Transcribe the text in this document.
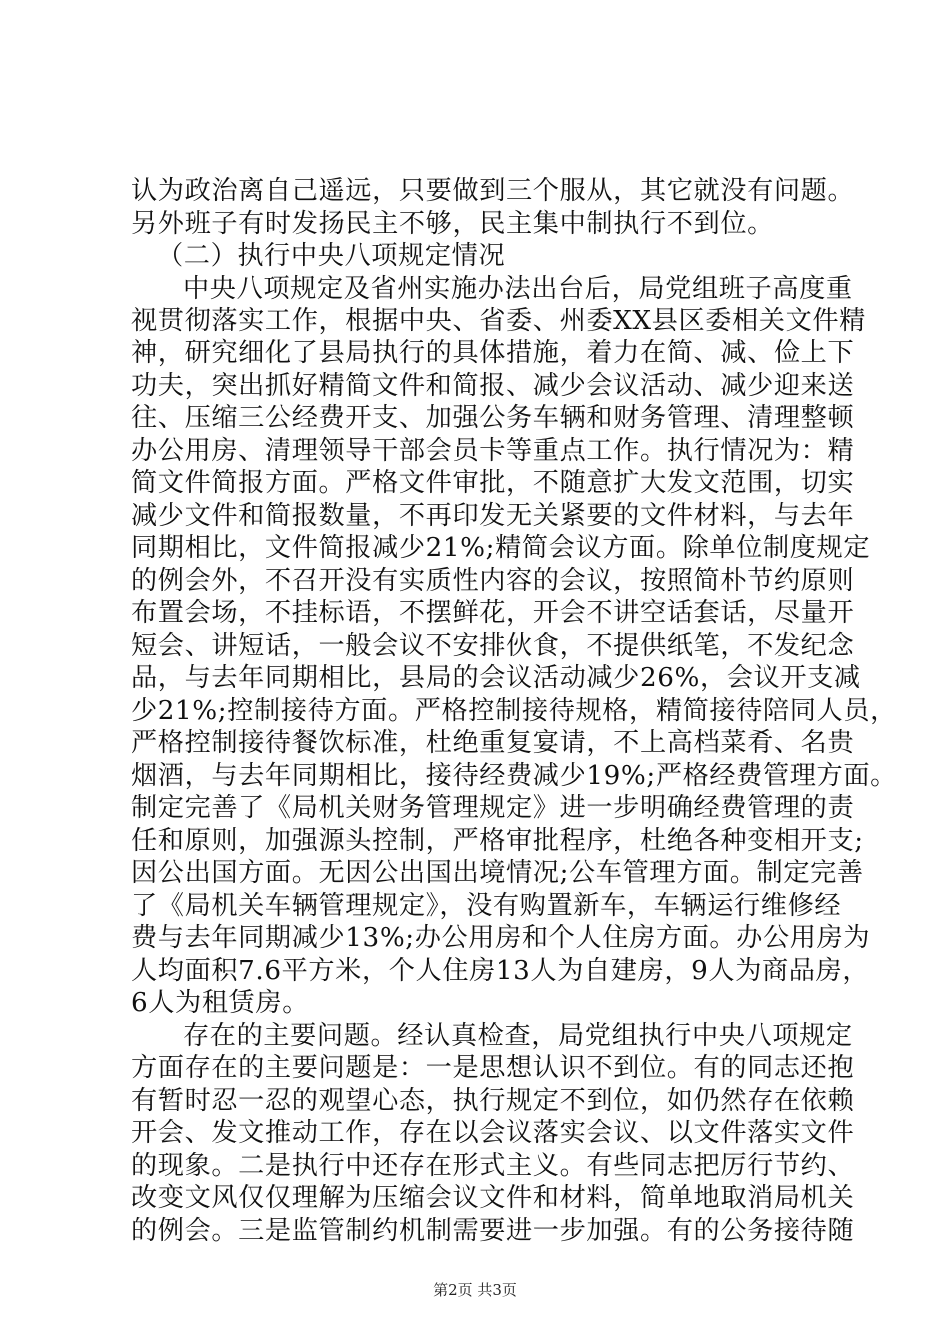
认为政治离自己遥远，只要做到三个服从，其它就没有问题。
另外班子有时发扬民主不够，民主集中制执行不到位。
（二）执行中央八项规定情况
中央八项规定及省州实施办法出台后，局党组班子高度重
视贯彻落实工作，根据中央、省委、州委XX县区委相关文件精
神，研究细化了县局执行的具体措施，着力在简、减、俭上下
功夫，突出抓好精简文件和简报、减少会议活动、减少迎来送
往、压缩三公经费开支、加强公务车辆和财务管理、清理整顿
办公用房、清理领导干部会员卡等重点工作。执行情况为：精
简文件简报方面。严格文件审批，不随意扩大发文范围，切实
减少文件和简报数量，不再印发无关紧要的文件材料，与去年
同期相比，文件简报减少21%;精简会议方面。除单位制度规定
的例会外，不召开没有实质性内容的会议，按照简朴节约原则
布置会场，不挂标语，不摆鲜花，开会不讲空话套话，尽量开
短会、讲短话，一般会议不安排伙食，不提供纸笔，不发纪念
品，与去年同期相比，县局的会议活动减少26%，会议开支减
少21%;控制接待方面。严格控制接待规格，精简接待陪同人员，
严格控制接待餐饮标准，杜绝重复宴请，不上高档菜肴、名贵
烟酒，与去年同期相比，接待经费减少19%;严格经费管理方面。
制定完善了《局机关财务管理规定》进一步明确经费管理的责
任和原则，加强源头控制，严格审批程序，杜绝各种变相开支;
因公出国方面。无因公出国出境情况;公车管理方面。制定完善
了《局机关车辆管理规定》，没有购置新车，车辆运行维修经
费与去年同期减少13%;办公用房和个人住房方面。办公用房为
人均面积7.6平方米，个人住房13人为自建房，9人为商品房，
6人为租赁房。
存在的主要问题。经认真检查，局党组执行中央八项规定
方面存在的主要问题是：一是思想认识不到位。有的同志还抱
有暂时忍一忍的观望心态，执行规定不到位，如仍然存在依赖
开会、发文推动工作，存在以会议落实会议、以文件落实文件
的现象。二是执行中还存在形式主义。有些同志把厉行节约、
改变文风仅仅理解为压缩会议文件和材料，简单地取消局机关
的例会。三是监管制约机制需要进一步加强。有的公务接待随
第2页 共3页
